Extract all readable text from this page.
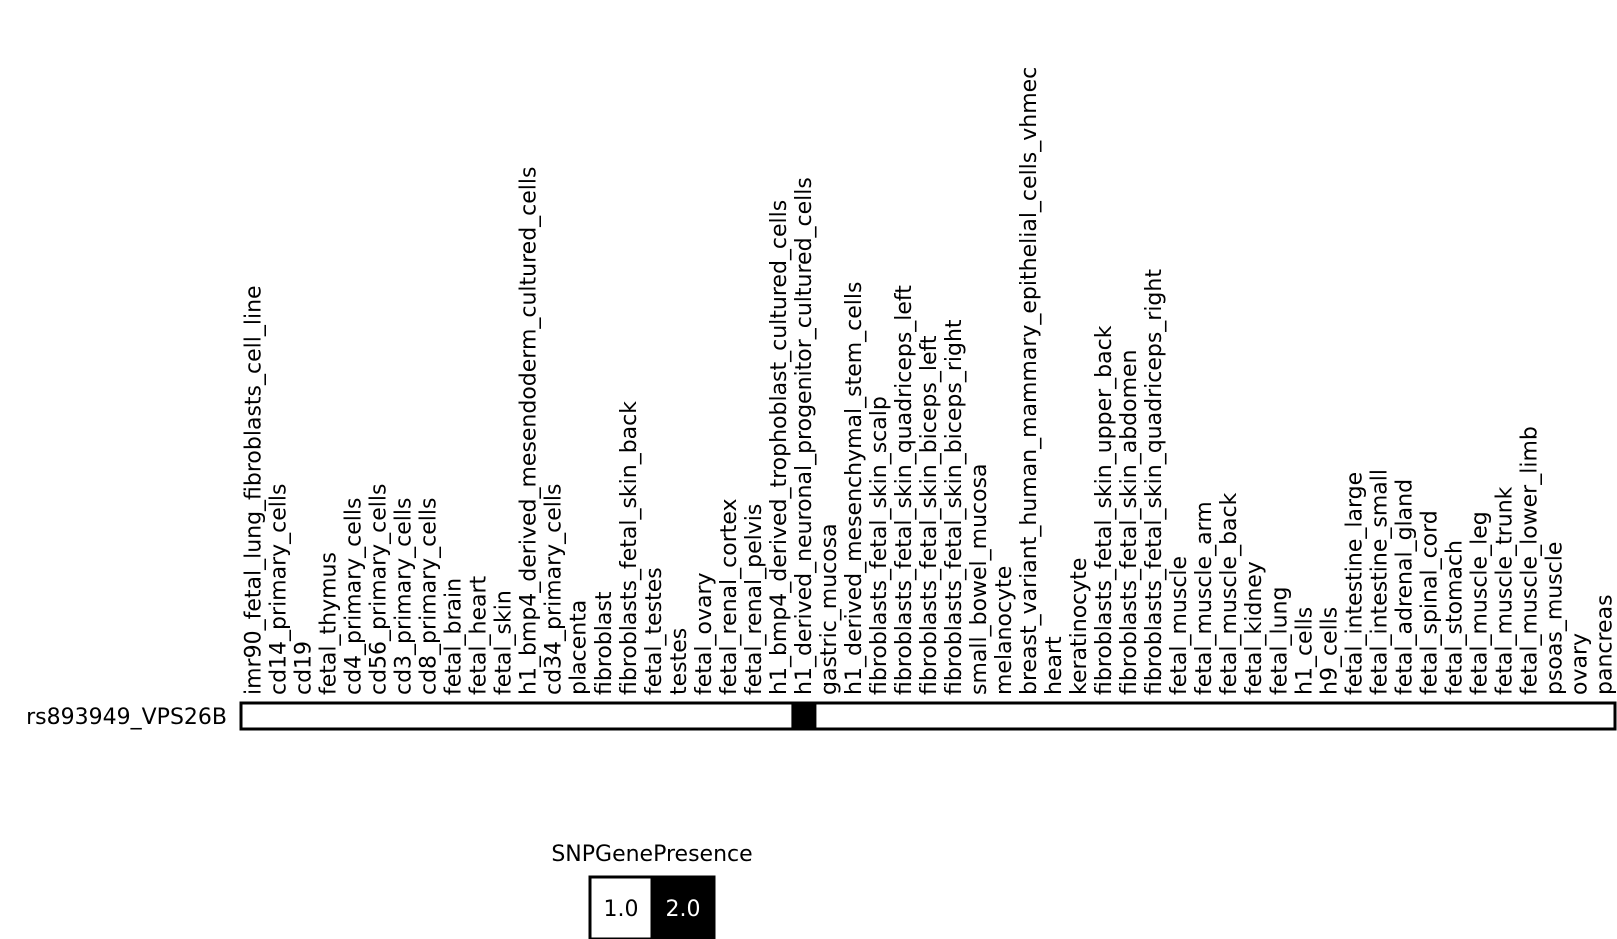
imr90_fetal_lung_fibroblasts_cell_line cd14_primary_cells cd19 fetal_thymus cd4_primary_cells cd56_primary_cells cd3_primary_cells cd8_primary_cells fetal_brain fetal_heart fetal_skin h1_bmp4_derived_mesendoderm_cultured_cells cd34_primary_cells placenta fibroblast fibroblasts_fetal_skin_back fetal_testes testes fetal_ovary fetal_renal_cortex fetal_renal_pelvis h1_bmp4_derived_trophoblast_cultured_cells h1_derived_neuronal_progenitor_cultured_cells gastric_mucosa h1_derived_mesenchymal_stem_cells fibroblasts_fetal_skin_scalp fibroblasts_fetal_skin_quadriceps_left fibroblasts_fetal_skin_biceps_left fibroblasts_fetal_skin_biceps_right small_bowel_mucosa melanocyte breast_variant_human_mammary_epithelial_cells_vhmec heart keratinocyte fibroblasts_fetal_skin_upper_back fibroblasts_fetal_skin_abdomen fibroblasts_fetal_skin_quadriceps_right fetal_muscle fetal_muscle_arm fetal_muscle_back fetal_kidney fetal_lung h1_cells h9_cells fetal_intestine_large fetal_intestine_small fetal_adrenal_gland fetal_spinal_cord fetal_stomach fetal_muscle_leg fetal_muscle_trunk fetal_muscle_lower_limb psoas_muscle ovary pancreas
rs893949_VPS26B
SNPGenePresence
1.0 2.0
